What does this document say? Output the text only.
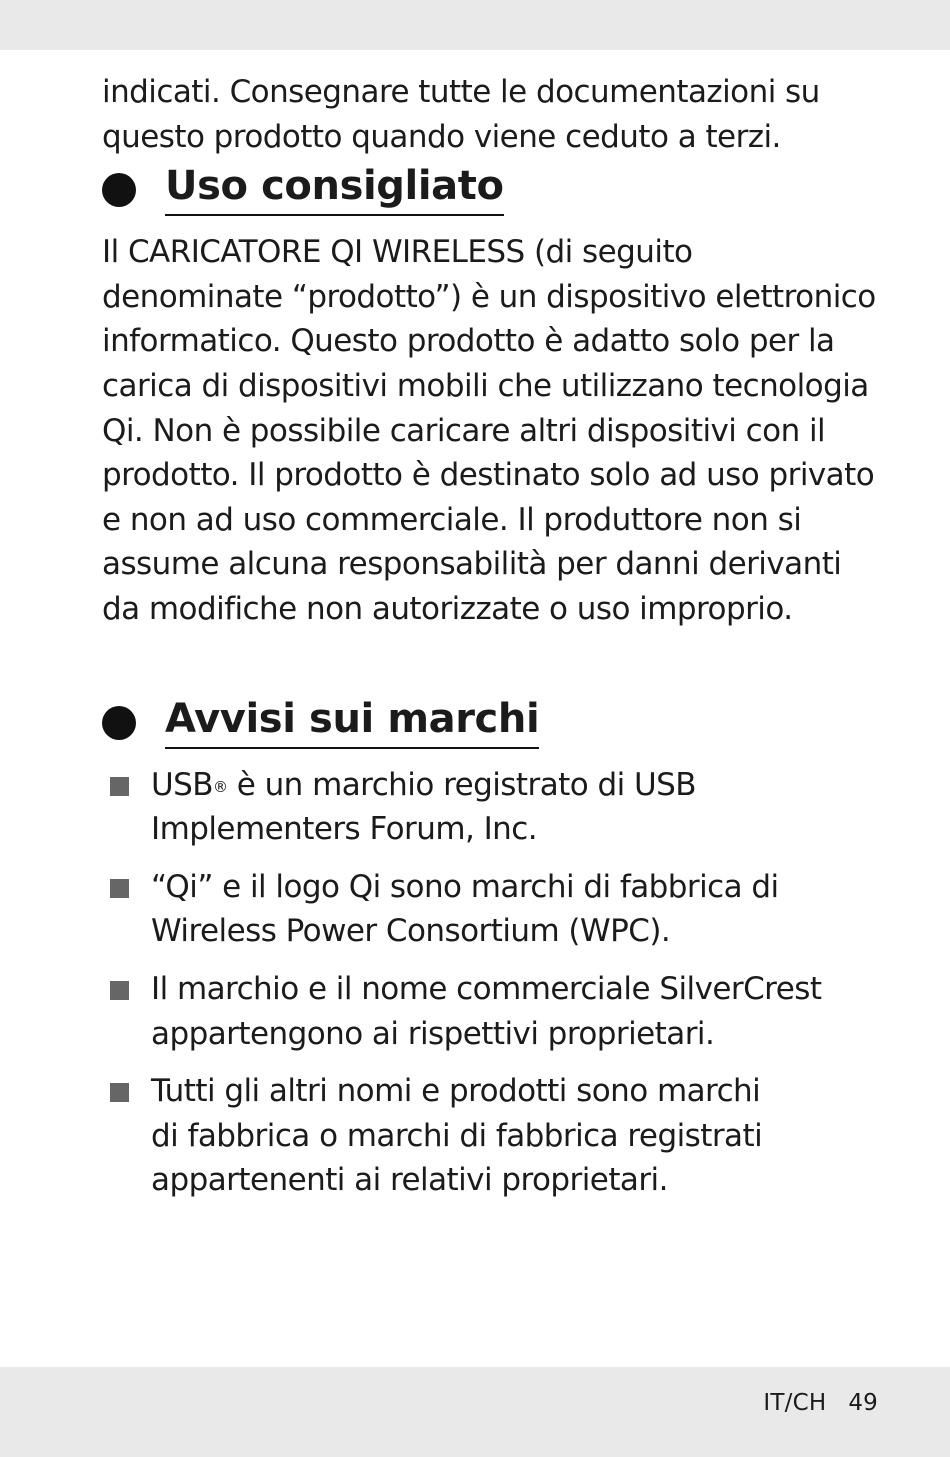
indicati. Consegnare tutte le documentazioni su
questo prodotto quando viene ceduto a terzi.

Uso consigliato

Il CARICATORE QI WIRELESS (di seguito
denominate “prodotto”) è un dispositivo elettronico
informatico. Questo prodotto è adatto solo per la
carica di dispositivi mobili che utilizzano tecnologia
Qi. Non è possibile caricare altri dispositivi con il
prodotto. Il prodotto è destinato solo ad uso privato
e non ad uso commerciale. Il produttore non si
assume alcuna responsabilità per danni derivanti
da modifiche non autorizzate o uso improprio.

Avvisi sui marchi
USB® è un marchio registrato di USB
Implementers Forum, Inc.
“Qi” e il logo Qi sono marchi di fabbrica di
Wireless Power Consortium (WPC).
Il marchio e il nome commerciale SilverCrest
appartengono ai rispettivi proprietari.
Tutti gli altri nomi e prodotti sono marchi
di fabbrica o marchi di fabbrica registrati
appartenenti ai relativi proprietari.
IT/CH 49
